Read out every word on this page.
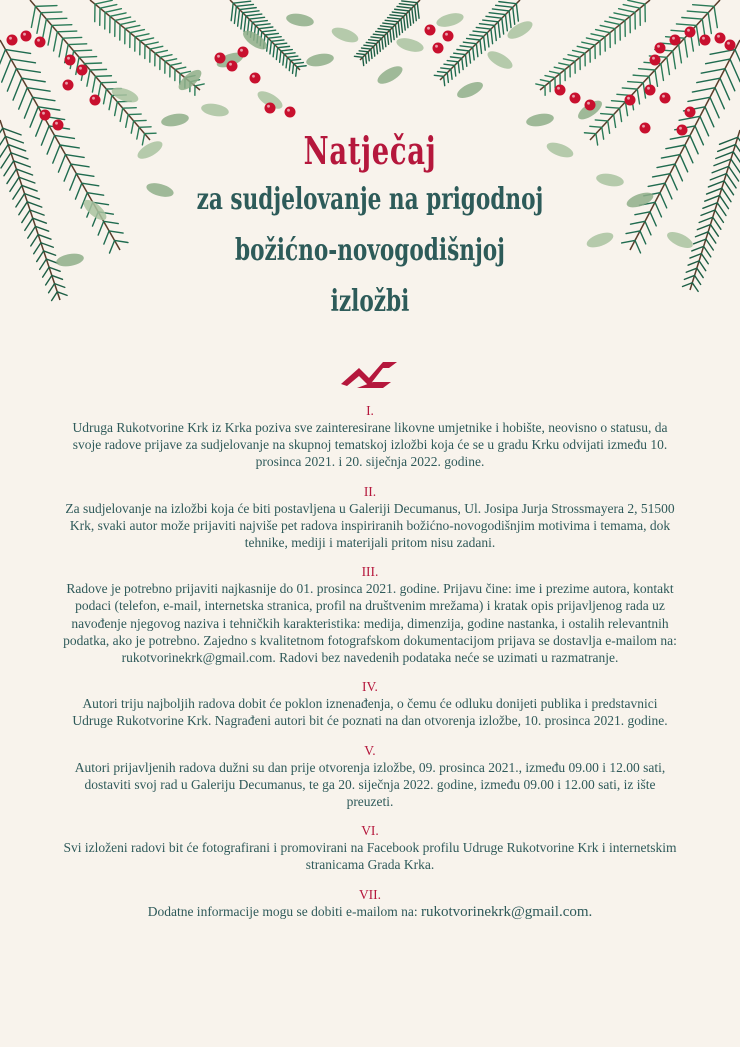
Natječaj
za sudjelovanje na prigodnoj
božićno-novogodišnjoj
izložbi
I.
Udruga Rukotvorine Krk iz Krka poziva sve zainteresirane likovne umjetnike i hobište, neovisno o statusu, da svoje radove prijave za sudjelovanje na skupnoj tematskoj izložbi koja će se u gradu Krku odvijati između 10. prosinca 2021. i 20. siječnja 2022. godine.
II.
Za sudjelovanje na izložbi koja će biti postavljena u Galeriji Decumanus, Ul. Josipa Jurja Strossmayera 2, 51500 Krk, svaki autor može prijaviti najviše pet radova inspiriranih božićno-novogodišnjim motivima i temama, dok tehnike, mediji i materijali pritom nisu zadani.
III.
Radove je potrebno prijaviti najkasnije do 01. prosinca 2021. godine. Prijavu čine: ime i prezime autora, kontakt podaci (telefon, e-mail, internetska stranica, profil na društvenim mrežama) i kratak opis prijavljenog rada uz navođenje njegovog naziva i tehničkih karakteristika: medija, dimenzija, godine nastanka, i ostalih relevantnih podatka, ako je potrebno. Zajedno s kvalitetnom fotografskom dokumentacijom prijava se dostavlja e-mailom na: rukotvorinekrk@gmail.com. Radovi bez navedenih podataka neće se uzimati u razmatranje.
IV.
Autori triju najboljih radova dobit će poklon iznenađenja, o čemu će odluku donijeti publika i predstavnici Udruge Rukotvorine Krk. Nagrađeni autori bit će poznati na dan otvorenja izložbe, 10. prosinca 2021. godine.
V.
Autori prijavljenih radova dužni su dan prije otvorenja izložbe, 09. prosinca 2021., između 09.00 i 12.00 sati, dostaviti svoj rad u Galeriju Decumanus, te ga 20. siječnja 2022. godine, između 09.00 i 12.00 sati, iz ište preuzeti.
VI.
Svi izloženi radovi bit će fotografirani i promovirani na Facebook profilu Udruge Rukotvorine Krk i internetskim stranicama Grada Krka.
VII.
Dodatne informacije mogu se dobiti e-mailom na: rukotvorinekrk@gmail.com.
